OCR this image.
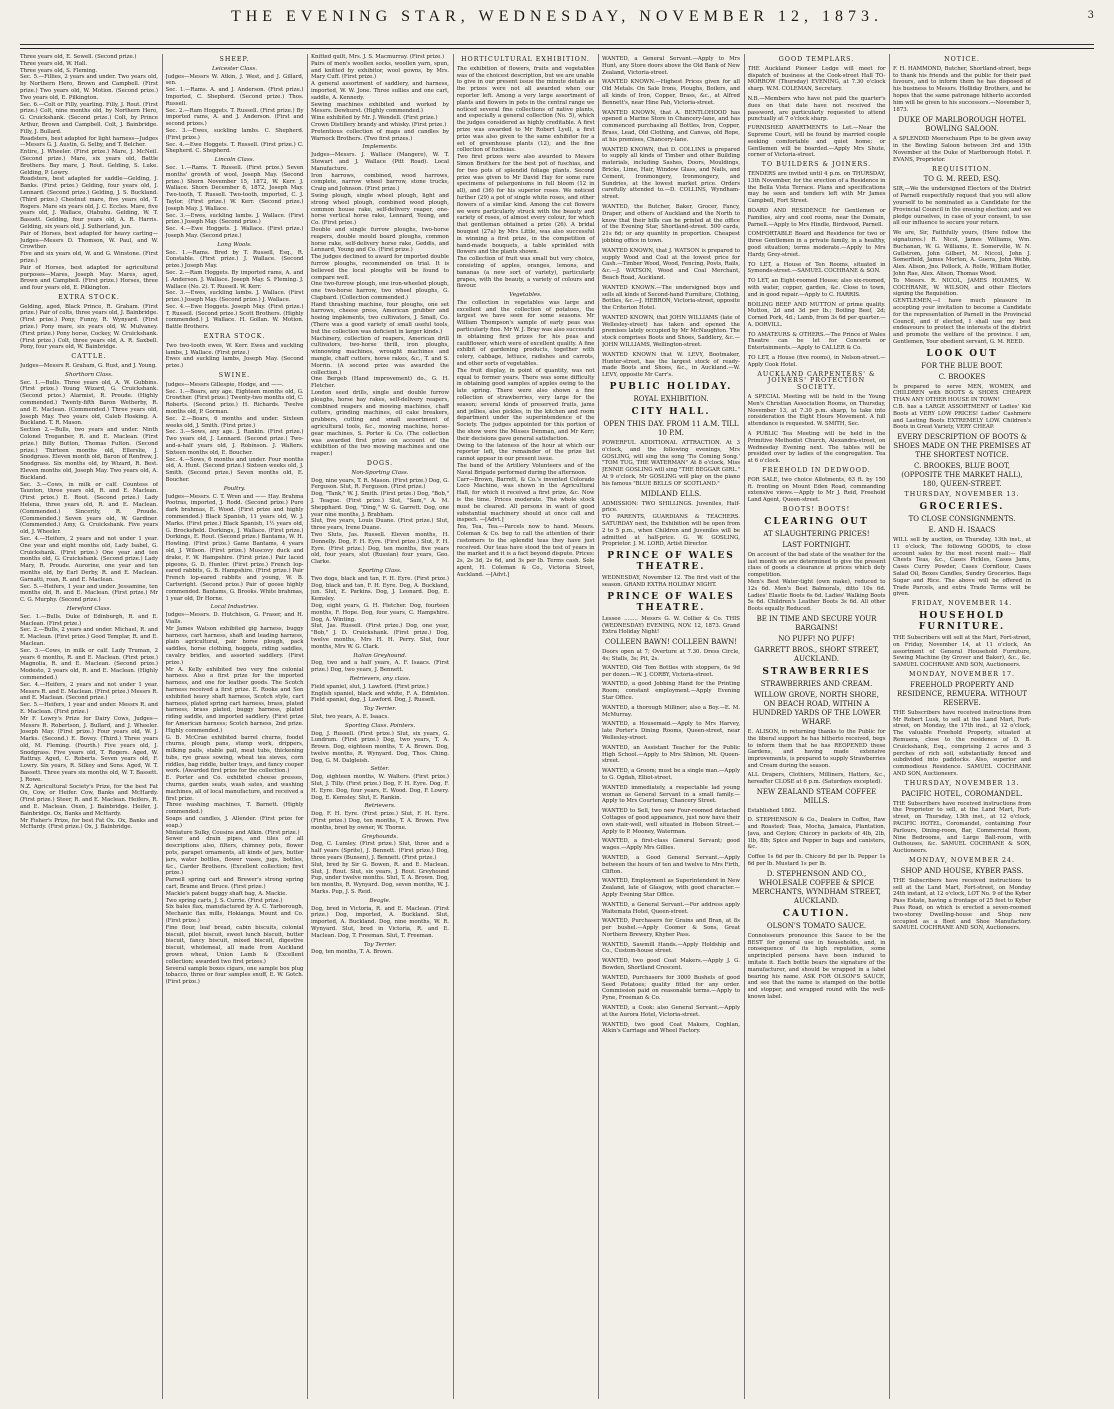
THE EVENING STAR, WEDNESDAY, NOVEMBER 12, 1873.	3
Three years old, E. Sewell. (Second prize.)
Three years old, W. Hall.
Three years old, S. Fleming.
Sec. 5.—Fillies, 2 years and under. Two years old, by Northern Hero, Brown and Campbell. (First prize.) Two years old, W. Motion. (Second prize.) Two years old, E. Pilkington.
Sec. 6.—Colt or Filly, yearling. Filly, J. Rout. (First prize.) Colt, nine months old, by Northern Hero, G. Cruickshank. (Second prize.) Colt, by Prince Arthur, Brown and Campbell. Colt, J. Bainbridge. Filly, J. Bullard.
Roadsters, best adapted for light harness—Judges—Messrs G. J. Austin, G. Selby, and T. Belcher.
Entire, J. Wheeler. (First prize.) Mare, J. McNeil. (Second prize.) Mare, six years old, Battle Brothers. Bay mare, J. Rout. Gelding, S. Luke. Gelding, P. Lowry.
Roadsters, best adapted for saddle—Gelding, J. Banks. (First prize.) Gelding, four years old, J. Lennard. (Second prize.) Gelding, J. S. Buckland. (Third prize.) Chestnut mare, five years old, T. Rogers. Mare six years old, J. C. Eccles. Mare, five years old, J. Wallace, Otahuhu. Gelding, W. T. Bassett. Gelding, four years old, A. R. Harris. Gelding, six years old, J. Sutherland, jun.
Pair of Horses, best adapted for heavy carting—Judges—Messrs D. Thomson, W. Paul, and W. Crowther.
Five and six years old, W. and G. Winstone. (First prize.)
Pair of Horses, best adapted for agricultural purposes—Mares, Joseph May. Mares, aged, Brown and Campbell. (First prize.) Horses, three and four years old, E. Pilkington.
EXTRA STOCK.
Gelding, aged, Black Prince, R. Graham. (First prize.) Pair of colts, three years old, J. Bainbridge. (First prize.) Pony, Funny, R. Wynyard. (First prize.) Pony mare, six years old, W. Mulvaney. (First prize.) Pony horse, Cockey, W. Cruickshank. (First prize.) Colt, three years old, A. R. Saxbell. Pony, four years old, W. Bainbridge.
CATTLE.
Judges—Messrs R. Graham, G. Rust, and J. Young.
Shorthorn Class.
Sec. 1.—Bulls. Three years old, A. W. Gubbins. (First prize.) Young Wizard, G. Cruickshank. (Second prize.) Alarmist, R. Proude. (Highly commended.) Twenty-fifth Baron Wetherby, R. and E. Maclean. (Commended.) Three years old, Joseph May. Two years old, Caleb Hosking. A. Buckland. T. R. Mason.
Section 2.—Bulls, two years and under. Ninth Colonel Treganber, R. and E. Maclean. (First prize.) Billy Button, Thomas Fulton. (Second prize.) Thirteen months old, Ellerslie, J. Snodgrass. Eleven month old, Baron of Renfrew, J. Snodgrass. Six months old, by Wizard, R. Best. Eleven months old, Joseph May. Two years old, A. Buckland.
Sec. 3.—Cows, in milk or calf. Countess of Taunton, three years old, R. and E. Maclean. (First prize.) E. Rout. (Second prize.) Lady Helena, three years old, R. and E. Maclean. (Commended.) Sincerity, R. Proude. (Commended.) Seven years old, W. Gardiner. (Commended.) Amy, G. Cruickshank. Five years old, J. Wheeler.
Sec. 4.—Heifers, 2 years and not under 1 year. One year and eight months old, Lady Isabel, G. Cruickshank. (First prize.) One year and ten months old, G. Cruickshank. (Second prize.) Lady Mary, R. Proude. Aurorine, one year and ten months old, by Earl Derby, R. and E. Maclean. Garnatti, roan, R. and E. Maclean.
Sec. 5.—Heifers, 1 year and under. Jessamine, ten months old, R. and E. Maclean. (First prize.) Mr C. G. Murphy. (Second prize.)
Hereford Class.
Sec. 1.—Bulls. Duke of Edinburgh, R. and E. Maclean. (First prize.)
Sec. 2.—Bulls, 2 years and under. Michael, R. and E. Maclean. (First prize.) Good Templar, R. and E. Maclean.
Sec. 3.—Cows, in milk or calf. Lady Truman, 2 years 6 months, R. and E. Maclean. (First prize.) Magnolia, R. and E. Maclean. (Second prize.) Modesto, 2 years old, R. and E. Maclean. (Highly commended.)
Sec. 4.—Heifers, 2 years and not under 1 year. Messrs R. and E. Maclean. (First prize.) Messrs R. and E. Maclean. (Second prize.)
Sec. 5.—Heifers, 1 year and under. Messrs R. and E. Maclean. (First prize.)
Mr F. Lowry's Prize for Dairy Cows, Judges—Messrs R. Robertson, J. Bullard, and J. Wheeler. Joseph May. (First prize.) Four years old, W. J. Marks. (Second.) E. Bovey. (Third.) Three years old, M. Fleming. (Fourth.) Five years old, J. Snodgrass. Five years old, T. Rogers. Aged, W. Rattray. Aged, C. Roberts. Seven years old, F. Lowry. Six years, R. Silkey and Sons. Aged, W. T. Bassett. Three years six months old, W. T. Bassett. J. Rowe.
N.Z. Agricultural Society's Prize, for the best Fat Ox, Cow, or Heifer. Cow, Banks and McHardy. (First prize.) Steer, R. and E. Maclean. Heifers, R. and E. Maclean. Oxen, J. Bainbridge. Heifer, J. Bainbridge. Ox, Banks and McHardy.
Mr Fisher's Prize, for best Fat Ox. Ox, Banks and McHardy. (First prize.) Ox, J. Bainbridge.
SHEEP.
Leicester Class.
Judges—Messrs W. Atkin, J. West, and J. Gillard, sen.
Sec. 1.—Rams. A. and J. Anderson. (First prize.) Imported, C. Shepherd. (Second prize.) Thos. Russell.
Sec. 2.—Ram Hoggets. T. Russell. (First prize.) By imported rams, A. and J. Anderson. (First and second prizes.)
Sec. 3.—Ewes, suckling lambs. C. Shepherd. (First prize.)
Sec. 4.—Ewe Hoggets. T. Russell. (First prize.) C. Shepherd. C. Shepherd.
Lincoln Class.
Sec. 1.—Rams. T. Russell. (First prize.) Seven months' growth of wool, Joseph May. (Second prize.) Shorn November 15, 1872, W. Kerr. J. Wallace. Shorn December 6, 1872, Joseph May. Two-tooth, T. Russell. Two-tooth, imported, C. J. Taylor. (First prize.) W. Kerr. (Second prize.) Joseph May. J. Wallace.
Sec. 3.—Ewes, suckling lambs. J. Wallace. (First prize.) Joseph May. (Second prize.)
Sec. 4.—Ewe Hoggets. J. Wallace. (First prize.) Joseph May. (Second prize.)
Long Wools.
Sec. 1.—Rams. Bred by T. Russell, Esq., R. Constable. (First prize.) J. Wallace. (Second prize.) Joseph May.
Sec. 2.—Ram Hoggets. By imported rams, A. and J. Anderson. J. Wallace. Joseph May. S. Fleming. J. Wallace (No. 2). T. Russell. W. Kerr.
Sec. 3.—Ewes, suckling lambs. J. Wallace. (First prize.) Joseph May. (Second prize.) J. Wallace.
Sec. 4.—Ewe Hoggets. Joseph May. (First prize.) T. Russell. (Second prize.) Scott Brothers. (Highly commended.) J. Wallace. H. Gollan. W. Motion. Battle Brothers.
EXTRA STOCK.
Two two-tooth ewes, W. Kerr. Ewes and suckling lambs, J. Wallace. (First prize.)
Ewes and suckling lambs, Joseph May. (Second prize.)
SWINE.
Judges—Messrs Gillespie, Hodge, and ——.
Sec. 1.—Boars, any age. Eighteen months old, G. Crowther. (First prize.) Twenty-two months old, C. Roberts. (Second prize.) H. Richards. Twelve months old, P. Gorman.
Sec. 2.—Boars, 6 months and under. Sixteen weeks old, J. Smith. (First prize.)
Sec. 3.—Sows, any age. J. Rankin. (First prize.) Two years old, J. Lennard. (Second prize.) Two-and-a-half years old, J. Robinson. J. Walters. Sixteen months old, E. Boucher.
Sec. 4.—Sows, 6 months and under. Four months old, A. Hunt. (Second prize.) Sixteen weeks old, J. Smith. (Second prize.) Seven months old, E. Boucher.
Poultry.
Judges—Messrs. C. T. Wren and —— Hay. Brahma Pootras, imported, J. Rodd. (Second prize.) Pure dark brahmas, E. Wood. (First prize and highly commended.) Black Spanish, 11 years old, W. J. Marks. (First prize.) Black Spanish, 1½ years old, G. Brocksfield. Dorkings, J. Wallace. (First prize.) Dorkings, E. Rout. (Second prize.) Bantams, W. H. Howling. (First prize.) Game Bantams, 4 years old, J. Wilson. (First prize.) Muscovy duck and drake, F. W. Hampshire. (First prize.) Pair laced pigeons, G. D. Hunter. (First prize.) French lop-eared rabbits, G. B. Hampshire. (First prize.) Pair French lop-eared rabbits and young, W. B. Cartwright. (Second prize.) Pair of goose highly commended. Bantams, G. Brooks. White brahmas, 1 year old, Dr Horne.
Local Industries.
Judges—Messrs. D. Hutchison, G. Fraser, and H. Vialls.
Mr James Watson exhibited gig harness, buggy harness, cart harness, shaft and leading harness, plain agricultural, pair horse plough, pack saddles, horse clothing, hoggets, riding saddles, cavalry bridles, and assorted saddlery. (First prize.)
Mr A. Kelly exhibited two very fine colonial harness. Also a first prize for the imported harness, and one for leather goods. The Scotch harness received a first prize. E. Rooke and Son exhibited heavy shaft harness, Scotch style, cart harness, plated spring cart harness, brass, plated harness, brass plated, buggy harness, plated riding saddle, and imported saddlery. (First prize for American harness; Scotch harness, 2nd prize. Highly commended.)
G. B. McCrae exhibited barrel churns, foodel churns, plough pans, stump work, drippers, milking pails, stable pail, meat tubs, thickening tubs, rye grass sowing, wheat tea sieves, corn riddles, bag riddle, butter trays, and fancy cooper work. (Awarded first prize for the collection.)
E. Porter and Co. exhibited cheese presses, churns, garden seats, wash sates, and washing machines, all of local manufacture, and received a first prize.
Three washing machines, T. Barnett. (Highly commended.)
Soaps and candles, J. Allender. (First prize for soap.)
Miniature Sulky, Cousins and Atkin. (First prize.)
Sewer and drain pipes, and tiles of all descriptions also, filters, chimney pots, flower pots, parapet ornaments, all kinds of jars, butter jars, water bottles, flower vases, jugs, bottles, &c., Carder Brothers. (Excellent collection; first prize.)
Parnell spring cart and Brewer's strong spring cart, Brame and Bruce. (First prize.)
Mackie's patent buggy shaft bag, A. Mackie.
Two spring carts, J. S. Currie. (First prize.)
Six bales flax, manufactured by A. C. Yarborough, Mechanic flax mills, Hokianga. Mount and Co. (First prize.)
Fine flour, leaf bread, cabin biscuits, colonial biscuit, pilot biscuit, sweet lunch biscuit, butter biscuit, fancy biscuit, mixed biscuit, digestive biscuit, wholemeal, all made from Auckland grown wheat, Union Lamb & (Excellent collection; awarded two first prizes.)
Several sample boxes cigars, one sample box plug tobacco, three or four samples snuff, E. W. Gotch. (First prize.)
Knitted quilt, Mrs. J. S. Macmurray. (First prize.)
Pairs of men's woollen socks, woollen yarn, spun, and knitted by exhibitor, wool gowns, by Mrs. Mary Cuff. (First prize.)
A general assortment of saddlery, and harness, imported, W. W. Jone. Three sullies and one cart, saddle, A. Kennedy.
Sewing machines exhibited and worked by Messrs. Dewhurst. (Highly commended.)
Wine exhibited by Mr. J. Wendell. (First prize.)
Crown Distillery brandy and whisky. (First prize.)
Pretentious collection of maps and candles by Warnock Brothers. (Two first prizes.)
Implements.
Judges—Messrs. J. Wallace (Mangere), W. T. Stewart and J. Wallace (Pitt Road). Local Manufacture.
Iron harrows, combined, wood harrows, complete, narrow wheel barrow, stone trucks, Craig and Johnson. (First prize.)
Swing plough, single wheel plough, light and strong wheel plough, combined wood plough, common house rake, self-delivery reaper, one-horse vertical horse rake, Lennard, Young, and Co. (First prize.)
Double and single furrow ploughs, two-horse reapers, double mould board ploughs, common horse rake, self-delivery horse rake, Geddis, and Lennard, Young and Co. (First prize.)
The judges declined to award for imported double furrow ploughs, recommended on trial. It is believed the local ploughs will be found to compare well.
One two-furrow plough, one iron-wheeled plough, one two-horse harrow, two wheel ploughs, G. Clapbard. (Collection commended.)
Hand thrashing machine, four ploughs, one set harrows, cheese press, American grubber and hoeing implements, two cultivators, J. Small, Co. (There was a good variety of small useful tools, but the collection was deficient in larger kinds.)
Machinery, collection of reapers, American drill cultivators, two-horse thrill, iron ploughs, winnowing machines, wrought machines and mangle, chaff cutters, horse rakes, &c., T. and S. Morrin. (A second prize was awarded the collection.)
One Bergeb (Hand improvement) do., G. H. Fletcher.
London seed drills, single and double furrow ploughs, horse hay rakes, self-delivery reapers, combined reapers and mowing machines, chaff cutters, grinding machines, oil cake breakers, grubbers, cutting and small assortment of agricultural tools, &c., mowing machine, horse-gear machines, S. Porter & Co. (The collection was awarded first prize on account of the exhibition of the two mowing machines and one reaper.)
DOGS.
Non-Sporting Class.
Dog, nine years, T. R. Mason. (First prize.) Dog, G. Ferguson. Slut, R. Ferguson. (First prize.)
Dog, "Tank," W. J. Smith. (First prize.) Dog, "Bob," J. Teague. (First prize.) Slut, "Sam," A. M. Shepphard. Dog, "Ding," W. G. Garrett. Dog, one year nine months, J. Brabham.
Slut, five years, Louis Duane. (First prize.) Slut, three years, Irene Duane.
Two Sluts, Jas. Russell. Eleven months, H. Donnelly. Dog, F. H. Eyre. (First prize.) Slut, F. H. Eyre. (First prize.) Dog, ten months, five years old, four years, slut (Russian) four years, Geo. Clarke.
Sporting Class.
Two dogs, black and tan, F. H. Eyre. (First prize.) Dog, black and tan, F. H. Eyre. Dog, A. Buckland, jun. Slut, E. Parkins. Dog, J. Leonard. Dog, E. Kemsley.
Dog, eight years, G. H. Fletcher. Dog, fourteen months, F. Hope. Dog, four years, C. Hampshire. Dog, A. Winting.
Slut, Jas. Russell. (First prize.) Dog, one year, "Bob," J. D. Cruickshank. (First prize.) Dog, twelve months, Mrs H. H. Perry. Slut, four months, Mrs W. G. Clark.
Italian Greyhound.
Dog, two and a half years, A. F. Isaacs. (First prize.) Dog, two years, J. Bennett.
Retrievers, any class.
Field spaniel, slut, J. Lawford. (First prize.)
English spaniel, black and white, F. A. Edmiston. Field spaniel, dog, J. Lawford. Dog, J. Russell.
Toy Terrier.
Slut, two years, A. E. Isaacs.
Sporting Class. Pointers.
Dog, J. Russell. (First prize.) Slut, six years, G. Lundrum. (First prize.) Dog, two years, T. A. Brown. Dog, eighteen months, T. A. Brown. Dog, twelve months, R. Wynyard. Dog, Thos. Ching. Dog, G. M. Dalgleish.
Setter.
Dog, eighteen months, W. Walters. (First prize.) Slut, J. Tilly. (First prize.) Dog, F. H. Eyre. Dog, F. H. Eyre. Dog, four years, E. Wood. Dog, F. Lowry. Dog, E. Kemsley. Slut, E. Rankin.
Retrievers.
Dog, F. H. Eyre. (First prize.) Slut, F. H. Eyre. (First prize.) Dog, ten months, T. A. Brown. Five months, bred by owner, W. Thorne.
Greyhounds.
Dog, C. Lumley. (First prize.) Slut, three and a half years (Sprite), J. Bennett. (First prize.) Dog, three years (Bunsen), J. Bennett. (First prize.)
Slut, bred by Sir G. Bowen, R. and E. Maclean. Slut, J. Rout. Slut, six years, J. Rout. Greyhound Pup, under twelve months. Slut, T. A. Brown. Dog, ten months, R. Wynyard. Dog, seven months, W. J. Marks. Pup, J. S. Reid.
Beagle.
Dog, bred in Victoria, R. and E. Maclean. (First prize.) Dog, imported, A. Buckland. Slut, imported, A. Buckland. Dog, nine months, W. R. Wynyard. Slut, bred in Victoria, R. and E. Maclean. Dog, T. Freeman. Slut, T. Freeman.
Toy Terrier.
Dog, ten months, T. A. Brown.
HORTICULTURAL EXHIBITION.
The exhibition of flowers, fruits and vegetables was of the choicest description, but we are unable to give in our present issue the minute details as the prizes were not all awarded when our reporter left. Among a very large assortment of plants and flowers in pots in the central range we noticed several fine collections of native plants, and especially a general collection (No. 5), which the judges considered as highly creditable. A first prize was awarded to Mr Robert Lyell, a first prize was also given to the same exhibitor for a set of greenhouse plants (12), and the fine collection of fuchsias.
Two first prizes were also awarded to Messrs Simon Brothers for the best pot of fuschias, and for two pots of splendid foliage plants. Second prize was given to Mr David Hay for some rare specimens of pelargoniums in full bloom (12 in all), and (36) for his superior roses. We noticed further (29) a pot of single white roses, and other flowers of a similar kind. Among the cut flowers we were particularly struck with the beauty and variety of roses, of almost every colour, for which that gentleman obtained a prize (26). A bridal bouquet (27a) by Mrs Little, was also successful in winning a first prize, in the competition of hand-made bouquets, a table sprinkled with flowers and the plants shown.
The collection of fruit was small but very choice, consisting of apples, oranges, lemons, and bananas (a new sort of variety), particularly grapes, with the beauty, a variety of colours and flavour.
Vegetables.
The collection in vegetables was large and excellent and the collection of potatoes, the largest we have seen for some seasons. Mr William Thompson's sample of early peas was particularly fine. Mr W. J. Bray was also successful in obtaining first prizes for his peas and cauliflower, which were of excellent quality. A fine exhibit of gardening products, together with celery, cabbage, lettuce, radishes and carrots, and other sorts of vegetables.
The fruit display, in point of quantity, was not equal to former years. There was some difficulty in obtaining good samples of apples owing to the late spring. There were also shown a fine collection of strawberries, very large for the season; several kinds of preserved fruits, jams and jellies, also pickles, in the kitchen and room department under the superintendence of the Society. The judges appointed for this portion of the show were the Misses Denman, and Mr Kerr; their decisions gave general satisfaction.
Owing to the lateness of the hour at which our reporter left, the remainder of the prize list cannot appear in our present issue.
The band of the Artillery Volunteers and of the Naval Brigade performed during the afternoon.
Carr—Brown, Barrett, & Co.'s invented Colorado Loco Machine, was shown in the Agricultural Hall, for which it received a first prize, &c. Now is the time. Prices moderate. The whole stock must be cleared. All persons in want of good substantial machinery should at once call and inspect. —[Advt.]
Tea, Tea, Tea.—Parcels now to hand. Messrs. Coleman & Co. beg to call the attention of their customers to the splendid teas they have just received. Our teas have stood the test of years in the market and it is a fact beyond dispute. Prices: 2s, 2s 3d, 2s 6d, and 3s per lb. Terms cash. Sole agent, H. Coleman & Co., Victoria Street, Auckland. —[Advt.]
WANTED, a General Servant.—Apply to Mrs Hunt, any Store doors above the Old Bank of New Zealand, Victoria-street.
WANTED KNOWN.—Highest Prices given for all Old Metals. On Sale Irons, Ploughs, Boilers, and all kinds of Iron, Copper, Brass, &c., at Alfred Bennett's, near Hine Pah, Victoria-street.
WANTED KNOWN, that A. BENTLOHOOD has opened a Marine Store in Chancery-lane, and has commenced purchasing all Bottles, Iron, Copper, Brass, Lead, Old Clothing, and Canvas, old Rope, at his premises, Chancery-lane.
WANTED KNOWN, that D. COLLINS is prepared to supply all kinds of Timber and other Building materials, including Sashes, Doors, Mouldings, Bricks, Lime, Hair, Window Glass, and Nails, and Cement, Ironmongery, Ironmongery, and Sundries, at the lowest market price. Orders carefully attended to.—D. COLLINS, Wyndham-street.
WANTED, the Butcher, Baker, Grocer, Fancy, Draper, and others of Auckland and the North to know that their bills can be printed at the office of the Evening Star, Shortland-street. 500 cards, 21s 6d; or any quantity in proportion. Cheapest jobbing office in town.
WANTED KNOWN, that J. WATSON is prepared to supply Wood and Coal at the lowest price for Cash.—Timber Wood, Wood, Fencing, Posts, Rails, &c.—J. WATSON, Wood and Coal Merchant, Beach Road, Auckland.
WANTED KNOWN.—The undersigned buys and sells all kinds of Second-hand Furniture, Clothing, Bottles, &c.—J. HEBRON, Victoria-street, opposite the Criterion Hotel.
WANTED KNOWN, that JOHN WILLIAMS (late of Wellesley-street) has taken and opened the premises lately occupied by Mr McNaughton. The stock comprises Boots and Shoes, Saddlery, &c.—JOHN WILLIAMS, Wellington-street.
WANTED KNOWN that W. LEVY, Bootmaker, Hunter-street, has the largest stock of ready-made Boots and Shoes, &c., in Auckland.—W. LEVY, opposite Mr Carr's.
PUBLIC HOLIDAY.
ROYAL EXHIBITION.
CITY HALL.
OPEN THIS DAY. FROM 11 A.M. TILL 10 P.M.
POWERFUL ADDITIONAL ATTRACTION. At 3 o'clock, and the following evenings, Mrs GOSLING, will sing the song 'Tis Coming Song.' "TOM TUG, THE WATERMAN" At 8 o'clock, Miss JENNIE GOSLING will sing "THE BEGGAR GIRL." At 9 o'clock, Mr GOSLING will play on the piano his famous "BLUE BELLS OF SCOTLAND."
MIDLAND ELLS.
ADMISSION: TWO SHILLINGS. Juveniles, Half-price.
TO PARENTS, GUARDIANS & TEACHERS. SATURDAY next, the Exhibition will be open from 2 to 5 p.m., when Children and Juveniles will be admitted at half-price. G. W. GOSLING, Proprietor. J. M. LORD, Artist Director.
PRINCE OF WALES THEATRE.
WEDNESDAY, November 12. The first visit of the season. GRAND EXTRA HOLIDAY NIGHT.
PRINCE OF WALES THEATRE.
Lessee ........ Messrs G. W. Collier & Co. THIS (WEDNESDAY) EVENING, NOV. 12, 1873. Grand Extra Holiday Night!
COLLEEN BAWN! COLLEEN BAWN!
Doors open at 7; Overture at 7.30. Dress Circle, 4s; Stalls, 3s; Pit, 2s.
WANTED, Old Tom Bottles with stoppers, 6s 9d per dozen.—W. J. CORBY, Victoria-street.
WANTED, a good Jobbing Hand for the Printing Room; constant employment.—Apply Evening Star Office.
WANTED, a thorough Milliner; also a Boy.—E. M. McMurray.
WANTED, a Housemaid.—Apply to Mrs Harvey, late Porter's Dining Rooms, Queen-street, near Wellesley-street.
WANTED, an Assistant Teacher for the Public High School.—Apply to Mrs Shlmon, Mt. Queen-street.
WANTED, a Groom; must be a single man.—Apply to G. Ogdah, Elliot-street.
WANTED immediately, a respectable lad young woman as General Servant in a small family.—Apply to Mrs Courtenay, Chancery Street.
WANTED to Sell, two new Four-roomed detached Cottages of good appearance, just now have their own stair-well, well situated in Hobson Street.—Apply to P. Mooney, Waterman.
WANTED, a first-class General Servant; good wages.—Apply Mrs Gillies.
WANTED, a Good General Servant.—Apply between the hours of ten and twelve to Mrs Firth, Clifton.
WANTED, Employment as Superintendent in New Zealand, late of Glasgow, with good character.—Apply Evening Star Office.
WANTED, a General Servant.—For address apply Waitemata Hotel, Queen-street.
WANTED, Purchasers for Grains and Bran, at 8s per bushel.—Apply Coomer & Sons, Great Northern Brewery, Khyber Pass.
WANTED, Sawmill Hands.—Apply Holdship and Co., Custom-house street.
WANTED, two good Coat Makers.—Apply J. G. Bowden, Shortland Crescent.
WANTED, Purchasers for 3000 Bushels of good Seed Potatoes; quality fitted for any order. Commission paid on reasonable terms.—Apply to Pyne, Freeman & Co.
WANTED, a Cook; also General Servant.—Apply at the Aurora Hotel, Victoria-street.
WANTED, two good Coat Makers, Coghlan, Atkin's Carriage and Wheel Factory.
GOOD TEMPLARS.
THE Auckland Pioneer Lodge will meet for dispatch of business at the Cook-street Hall TO-MORROW (Thursday) EVENING, at 7.30 o'clock sharp. W.M. COLEMAN, Secretary.
N.B.—Members who have not paid the quarter's dues on that date have not received the password, are particularly requested to attend punctually at 7 o'clock sharp.
FURNISHED APARTMENTS to Let.—Near the Supreme Court, will be found by married couple seeking comfortable and quiet home; or Gentlemen will be boarded.—Apply Mrs Shute, corner of Victoria-street.
TO BUILDERS & JOINERS.
TENDERS are invited until 4 p.m. on THURSDAY, 13th November, for the erection of a Residence in the Bella Vista Terrace. Plans and specifications may be seen and tenders left with Mr James Campbell, Fort Street.
BOARD AND RESIDENCE for Gentlemen or Families, airy and cool rooms, near the Domain, Parnell.—Apply to Mrs Hindle, Birdwood, Parnell.
COMFORTABLE Board and Residence for two or three Gentlemen in a private family, in a healthy, good situation; terms moderate.—Apply to Mrs Hardy, Grey-street.
TO LET, a House of Ten Rooms, situated in Symonds-street.—SAMUEL COCHRANE & SON.
TO LET, an Eight-roomed House; also six-roomed, with water, copper, garden, &c. Close to town, and in good repair.—Apply to C. HARRIS.
BOILING BEEF AND MUTTON of prime quality. Mutton, 2d and 3d per lb.; Boiling Beef, 2d; Corned Pork, 4d.; Lamb, from 3s 6d per quarter.—A. DORVILL.
TO AMATEURS & OTHERS.—The Prince of Wales Theatre can be let for Concerts or Entertainments.—Apply to CALLER & Co.
TO LET, a House (five rooms), in Nelson-street.—Apply Cook Hotel.
AUCKLAND CARPENTERS' & JOINERS' PROTECTION SOCIETY.
A SPECIAL Meeting will be held in the Young Men's Christian Association Rooms, on Thursday, November 13, at 7.30 p.m. sharp, to take into consideration the Eight Hours Movement. A full attendance is requested. W. SMITH, Sec.
A PUBLIC Tea Meeting will be held in the Primitive Methodist Church, Alexandra-street, on Wednesday Evening next. The tables will be presided over by ladies of the congregation. Tea at 6 o'clock.
FREEHOLD IN DEDWOOD.
FOR SALE, two choice Allotments, 63 ft. by 150 ft. fronting on Mount Eden Road, commanding extensive views.—Apply to Mr J. Reid, Freehold Land Agent, Queen-street.
BOOTS! BOOTS!
CLEARING OUT
AT SLAUGHTERING PRICES!
LAST FORTNIGHT.
On account of the bad state of the weather for the last month we are determined to give the present class of goods a clearance at prices which defy competition.
Men's Best Water-tight (own make), reduced to 12s 6d. Men's Best Balmorals, ditto 10s 6d. Ladies' Elastic Boots 6s 6d. Ladies' Walking Boots 5s 6d. Children's Leather Boots 3s 6d. All other Boots equally Reduced.
BE IN TIME AND SECURE YOUR BARGAINS!
NO PUFF! NO PUFF!
GARRETT BROS., SHORT STREET, AUCKLAND.
STRAWBERRIES
STRAWBERRIES AND CREAM.
WILLOW GROVE, NORTH SHORE, ON BEACH ROAD, WITHIN A HUNDRED YARDS OF THE LOWER WHARF.
E. ALISON, in returning thanks to the Public for the liberal support he has hitherto received, begs to inform them that he has REOPENED these Gardens, and having made extensive improvements, is prepared to supply Strawberries and Cream during the season.
ALL Drapers, Clothiers, Milliners, Hatters, &c., hereafter CLOSE at 6 p.m. (Saturdays excepted).
NEW ZEALAND STEAM COFFEE MILLS.
Established 1862.
D. STEPHENSON & Co., Dealers in Coffee, Raw and Roasted; Teas, Mocha, Jamaica, Plantation, Java, and Ceylon; Chicory in packets of 4lb, 2lb, 1lb, 8lb; Spice and Pepper in bags and canisters, &c.
Coffee 1s 6d per lb. Chicory 8d per lb. Pepper 1s 6d per lb. Mustard 1s per lb.
D. STEPHENSON AND CO., WHOLESALE COFFEE & SPICE MERCHANTS, WYNDHAM STREET, AUCKLAND.
CAUTION.
OLSON'S TOMATO SAUCE.
Connoisseurs pronounce this Sauce to be the BEST for general use in households, and, in consequence of its high reputation, some unprincipled persons have been induced to imitate it. Each bottle bears the signature of the manufacturer, and should be wrapped in a label bearing his name. ASK FOR OLSON'S SAUCE, and see that the name is stamped on the bottle and stopper, and wrapped round with the well-known label.
NOTICE.
F. H. HAMMOND, Butcher, Shortland-street, begs to thank his friends and the public for their past favours, and to inform them he has disposed of his business to Messrs. Holliday Brothers, and he hopes that the same patronage hitherto accorded him will be given to his successors.—November 5, 1873.
DUKE OF MARLBOROUGH HOTEL BOWLING SALOON.
A SPLENDID Meerschaum Pipe to be given away in the Bowling Saloon between 3rd and 15th November at the Duke of Marlborough Hotel. F. EVANS, Proprietor.
REQUISITION.
TO G. M. REED, ESQ.
SIR,—We the undersigned Electors of the District of Parnell respectfully request that you will allow yourself to be nominated as a Candidate for the Provincial Council in the ensuing election; and we pledge ourselves, in case of your consent, to use all our influence to secure your return.
We are, Sir, Faithfully yours, (Here follow the signatures.) R. Nicol, James Williams, Wm. Buchanan, W. G. Williams, E. Somerville, W. N. Gullstrom, John Gilbert, M. Niccol, John J. Somerfield, James Morton, A. Guera, John Webb, Alex. Alison, Jno. Pollock, A. Rolfe, William Butler, John Rae, Alex. Alison, Thomas Wood.
To Messrs. R. NICOL, JAMES HOLMES, W. COCHRANE, W. WILSON, and other Electors signing the Requisition.
GENTLEMEN,—I have much pleasure in accepting your invitation to become a Candidate for the representation of Parnell in the Provincial Council, and if elected, I shall use my best endeavours to protect the interests of the district and promote the welfare of the province. I am, Gentlemen, Your obedient servant, G. M. REED.
LOOK OUT
FOR THE BLUE BOOT.
C. BROOKES
Is prepared to serve MEN, WOMEN, and CHILDREN with BOOTS & SHOES CHEAPER THAN ANY OTHER HOUSE IN TOWN!
C.B. has a LARGE ASSORTMENT of Ladies' Kid Boots at VERY LOW PRICES! Ladies' Cashmere and Lasting Boots EXTREMELY LOW. Children's Boots in Great Variety, VERY CHEAP.
EVERY DESCRIPTION OF BOOTS & SHOES MADE ON THE PREMISES AT THE SHORTEST NOTICE.
C. BROOKES, BLUE BOOT, (OPPOSITE THE MARKET HALL), 180, QUEEN-STREET.
THURSDAY, NOVEMBER 13.
GROCERIES.
TO CLOSE CONSIGNMENTS.
E. AND H. ISAACS
WILL sell by auction, on Thursday, 13th inst., at 11 o'clock, The following GOODS, to close account sales by the most recent mail:— Half Chests Teas, &c., Cases Pickles, Cases Jams, Cases Curry Powder, Cases Cornflour, Cases Salad Oil, Boxes Candles, Sundry Groceries. Bags Sugar and Rice. The above will be offered in Trade Parcels, and extra Trade Terms will be given.
FRIDAY, NOVEMBER 14.
HOUSEHOLD FURNITURE.
THE Subscribers will sell at the Mart, Fort-street, on Friday, November 14, at 11 o'clock, An assortment of General Household Furniture, Sewing Machine (by Grover and Baker), &c., &c. SAMUEL COCHRANE AND SON, Auctioneers.
MONDAY, NOVEMBER 17.
FREEHOLD PROPERTY AND RESIDENCE, REMUERA. WITHOUT RESERVE.
THE Subscribers have received instructions from Mr Robert Lusk, to sell at the Land Mart, Fort-street, on Monday, the 17th inst., at 12 o'clock, The valuable Freehold Property, situated at Remuera, close to the residence of D. B. Cruickshank, Esq., comprising 2 acres and 3 perches of rich soil, substantially fenced and subdivided into paddocks. Also, superior and commodious Residence. SAMUEL COCHRANE AND SON, Auctioneers.
THURSDAY, NOVEMBER 13.
PACIFIC HOTEL, COROMANDEL.
THE Subscribers have received instructions from the Proprietor to sell, at the Land Mart, Fort-street, on Thursday, 13th inst., at 12 o'clock, PACIFIC HOTEL, Coromandel, containing Four Parlours, Dining-room, Bar, Commercial Room, Nine Bedrooms, and Large Ball-room, with Outhouses, &c. SAMUEL COCHRANE & SON, Auctioneers.
MONDAY, NOVEMBER 24.
SHOP AND HOUSE, KYBER PASS.
THE Subscribers have received instructions to sell at the Land Mart, Fort-street, on Monday 24th instant, at 12 o'clock, LOT No. 9 of the Kyber Pass Estate, having a frontage of 25 feet to Kyber Pass Road, on which is erected a seven-roomed two-storey Dwelling-house and Shop now occupied as a Boot and Shoe Manufactory. SAMUEL COCHRANE AND SON, Auctioneers.
